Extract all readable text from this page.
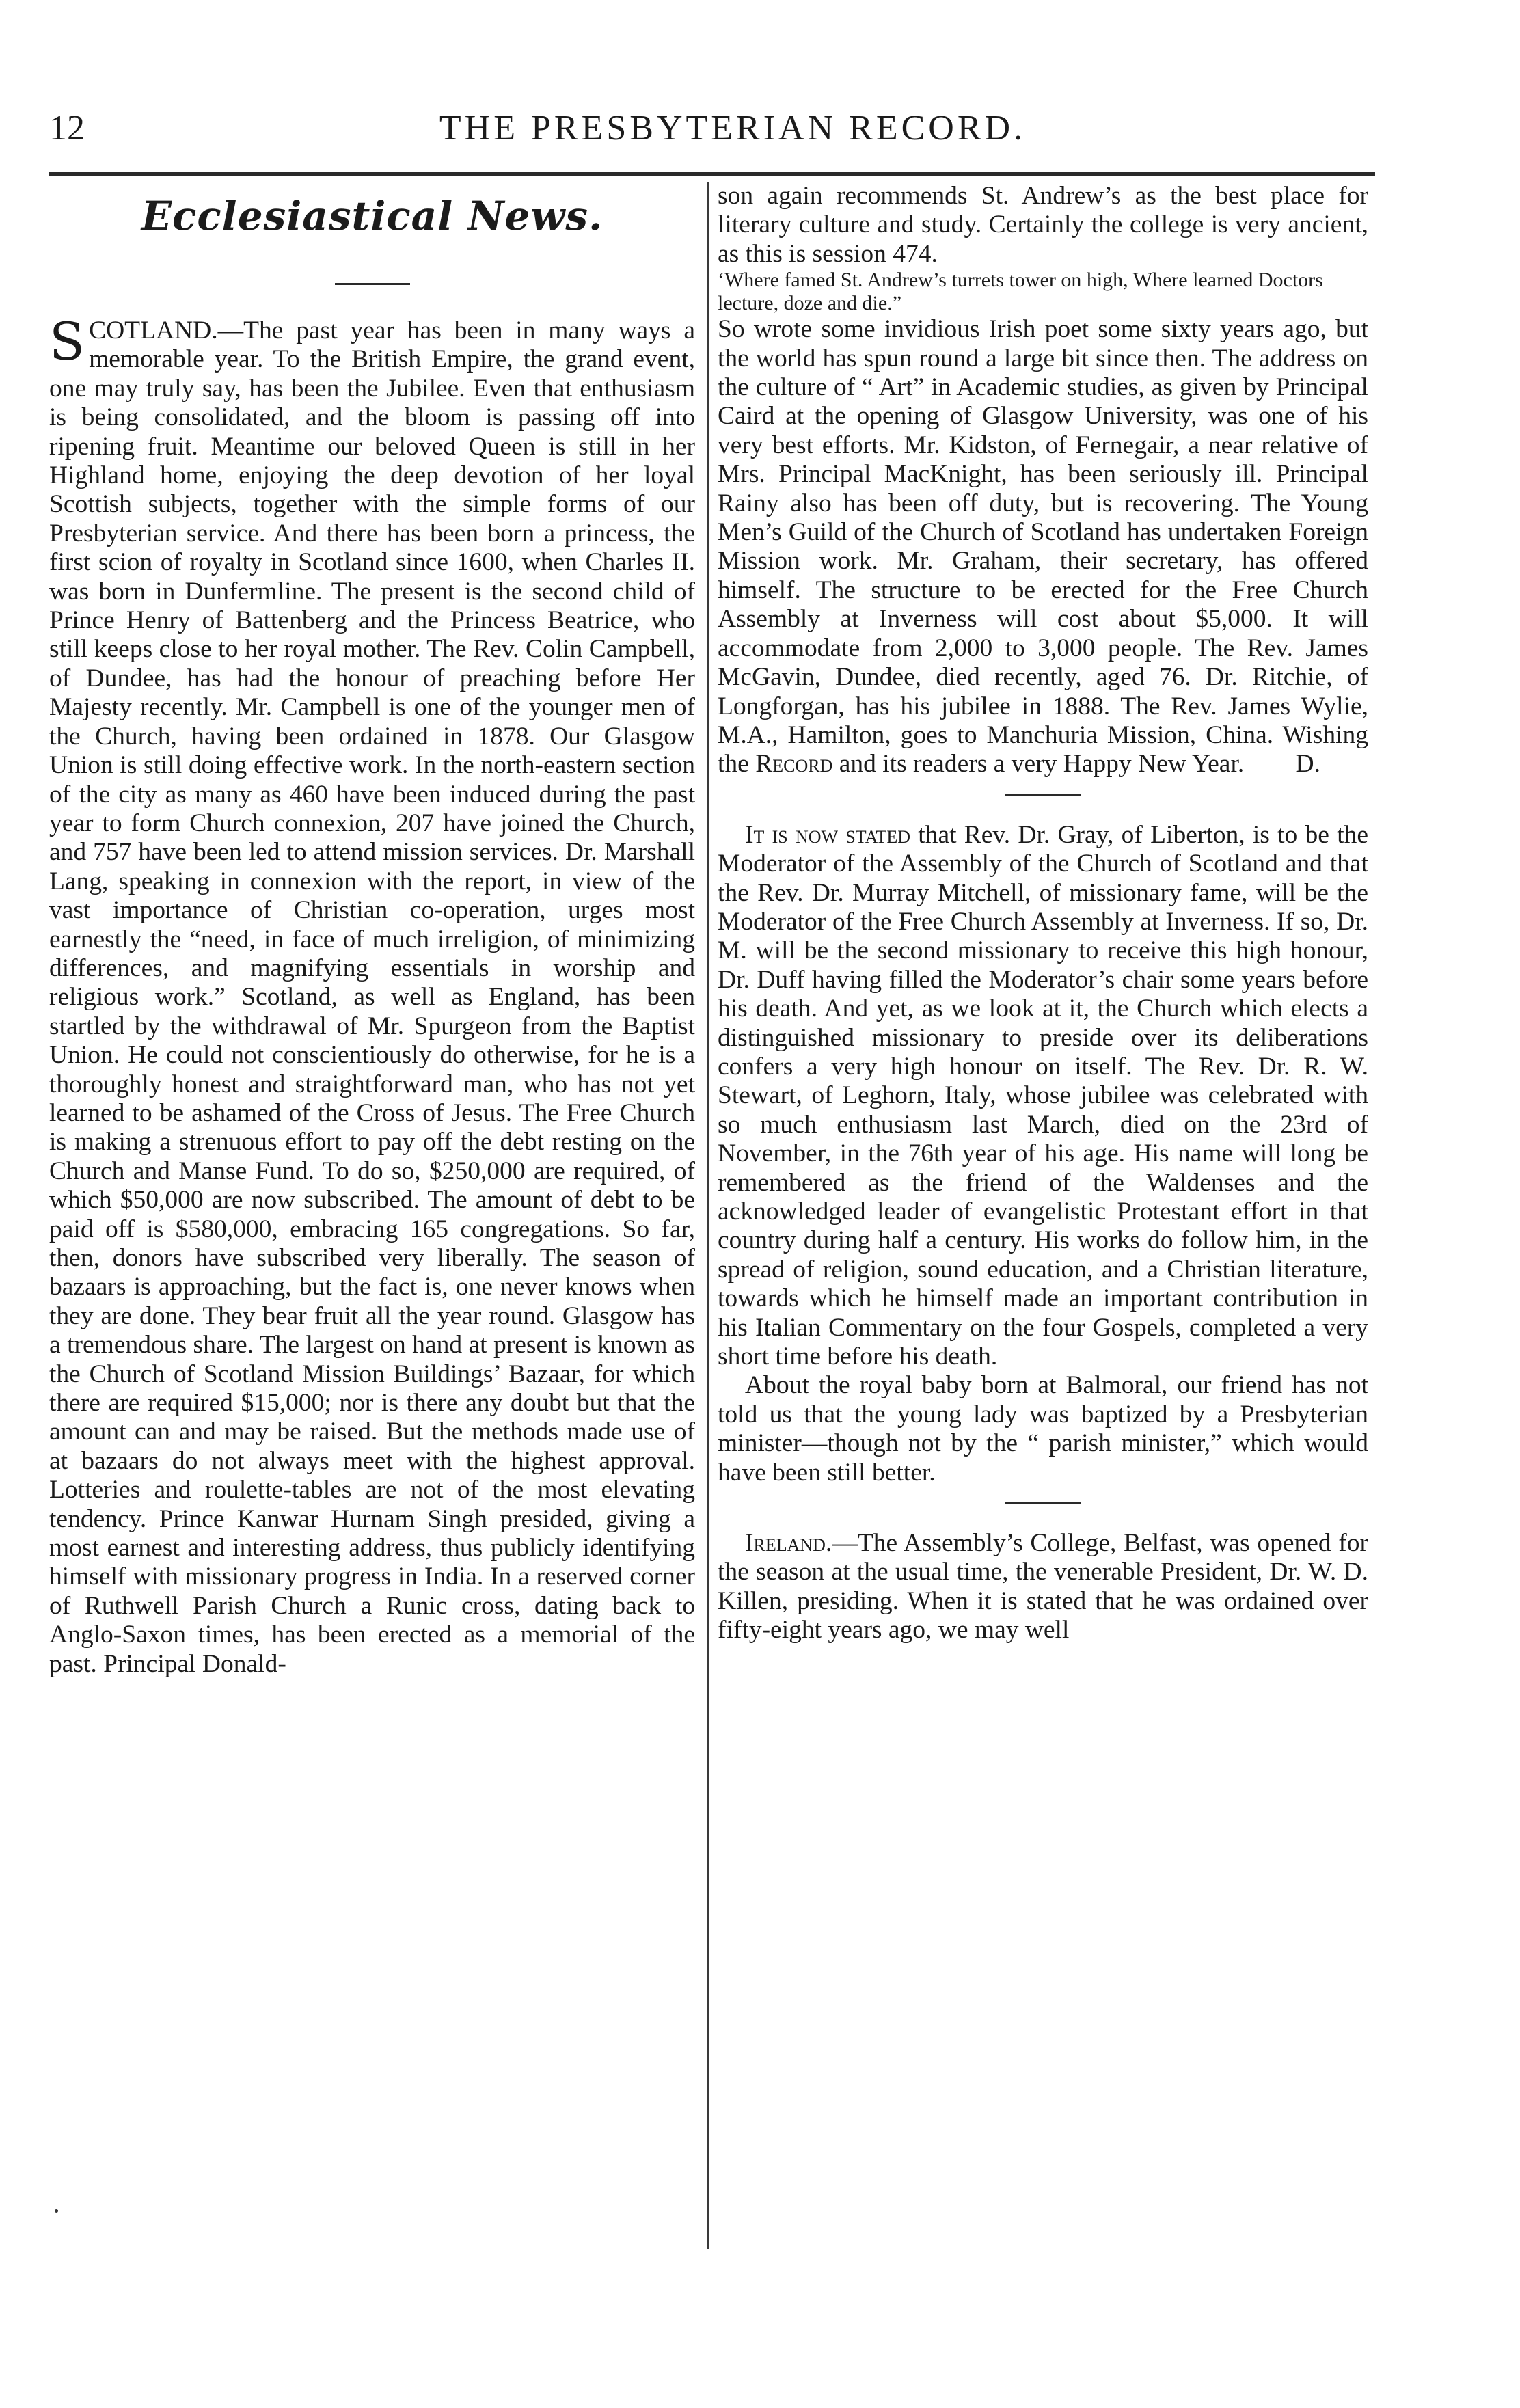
12	THE PRESBYTERIAN RECORD.
Ecclesiastical News.

SCOTLAND.—The past year has been in many ways a memorable year. To the British Empire, the grand event, one may truly say, has been the Jubilee. Even that enthusiasm is being consolidated, and the bloom is passing off into ripening fruit. Meantime our beloved Queen is still in her Highland home, enjoying the deep devotion of her loyal Scottish subjects, together with the simple forms of our Presbyterian service. And there has been born a princess, the first scion of royalty in Scotland since 1600, when Charles II. was born in Dunfermline. The present is the second child of Prince Henry of Battenberg and the Princess Beatrice, who still keeps close to her royal mother. The Rev. Colin Campbell, of Dundee, has had the honour of preaching before Her Majesty recently. Mr. Campbell is one of the younger men of the Church, having been ordained in 1878. Our Glasgow Union is still doing effective work. In the north-eastern section of the city as many as 460 have been induced during the past year to form Church connexion, 207 have joined the Church, and 757 have been led to attend mission services. Dr. Marshall Lang, speaking in connexion with the report, in view of the vast importance of Christian co-operation, urges most earnestly the “need, in face of much irreligion, of minimizing differences, and magnifying essentials in worship and religious work.” Scotland, as well as England, has been startled by the withdrawal of Mr. Spurgeon from the Baptist Union. He could not conscientiously do otherwise, for he is a thoroughly honest and straightforward man, who has not yet learned to be ashamed of the Cross of Jesus. The Free Church is making a strenuous effort to pay off the debt resting on the Church and Manse Fund. To do so, $250,000 are required, of which $50,000 are now subscribed. The amount of debt to be paid off is $580,000, embracing 165 congregations. So far, then, donors have subscribed very liberally. The season of bazaars is approaching, but the fact is, one never knows when they are done. They bear fruit all the year round. Glasgow has a tremendous share. The largest on hand at present is known as the Church of Scotland Mission Buildings’ Bazaar, for which there are required $15,000; nor is there any doubt but that the amount can and may be raised. But the methods made use of at bazaars do not always meet with the highest approval. Lotteries and roulette-tables are not of the most elevating tendency. Prince Kanwar Hurnam Singh presided, giving a most earnest and interesting address, thus publicly identifying himself with missionary progress in India. In a reserved corner of Ruthwell Parish Church a Runic cross, dating back to Anglo-Saxon times, has been erected as a memorial of the past. Principal Donald-

son again recommends St. Andrew’s as the best place for literary culture and study. Certainly the college is very ancient, as this is session 474.

‘Where famed St. Andrew’s turrets tower on high, Where learned Doctors lecture, doze and die.”

So wrote some invidious Irish poet some sixty years ago, but the world has spun round a large bit since then. The address on the culture of “ Art” in Academic studies, as given by Principal Caird at the opening of Glasgow University, was one of his very best efforts. Mr. Kidston, of Fernegair, a near relative of Mrs. Principal MacKnight, has been seriously ill. Principal Rainy also has been off duty, but is recovering. The Young Men’s Guild of the Church of Scotland has undertaken Foreign Mission work. Mr. Graham, their secretary, has offered himself. The structure to be erected for the Free Church Assembly at Inverness will cost about $5,000. It will accommodate from 2,000 to 3,000 people. The Rev. James McGavin, Dundee, died recently, aged 76. Dr. Ritchie, of Longforgan, has his jubilee in 1888. The Rev. James Wylie, M.A., Hamilton, goes to Manchuria Mission, China. Wishing the Record and its readers a very Happy New Year. D.

It is now stated that Rev. Dr. Gray, of Liberton, is to be the Moderator of the Assembly of the Church of Scotland and that the Rev. Dr. Murray Mitchell, of missionary fame, will be the Moderator of the Free Church Assembly at Inverness. If so, Dr. M. will be the second missionary to receive this high honour, Dr. Duff having filled the Moderator’s chair some years before his death. And yet, as we look at it, the Church which elects a distinguished missionary to preside over its deliberations confers a very high honour on itself. The Rev. Dr. R. W. Stewart, of Leghorn, Italy, whose jubilee was celebrated with so much enthusiasm last March, died on the 23rd of November, in the 76th year of his age. His name will long be remembered as the friend of the Waldenses and the acknowledged leader of evangelistic Protestant effort in that country during half a century. His works do follow him, in the spread of religion, sound education, and a Christian literature, towards which he himself made an important contribution in his Italian Commentary on the four Gospels, completed a very short time before his death.

About the royal baby born at Balmoral, our friend has not told us that the young lady was baptized by a Presbyterian minister—though not by the “ parish minister,” which would have been still better.

Ireland.—The Assembly’s College, Belfast, was opened for the season at the usual time, the venerable President, Dr. W. D. Killen, presiding. When it is stated that he was ordained over fifty-eight years ago, we may well
